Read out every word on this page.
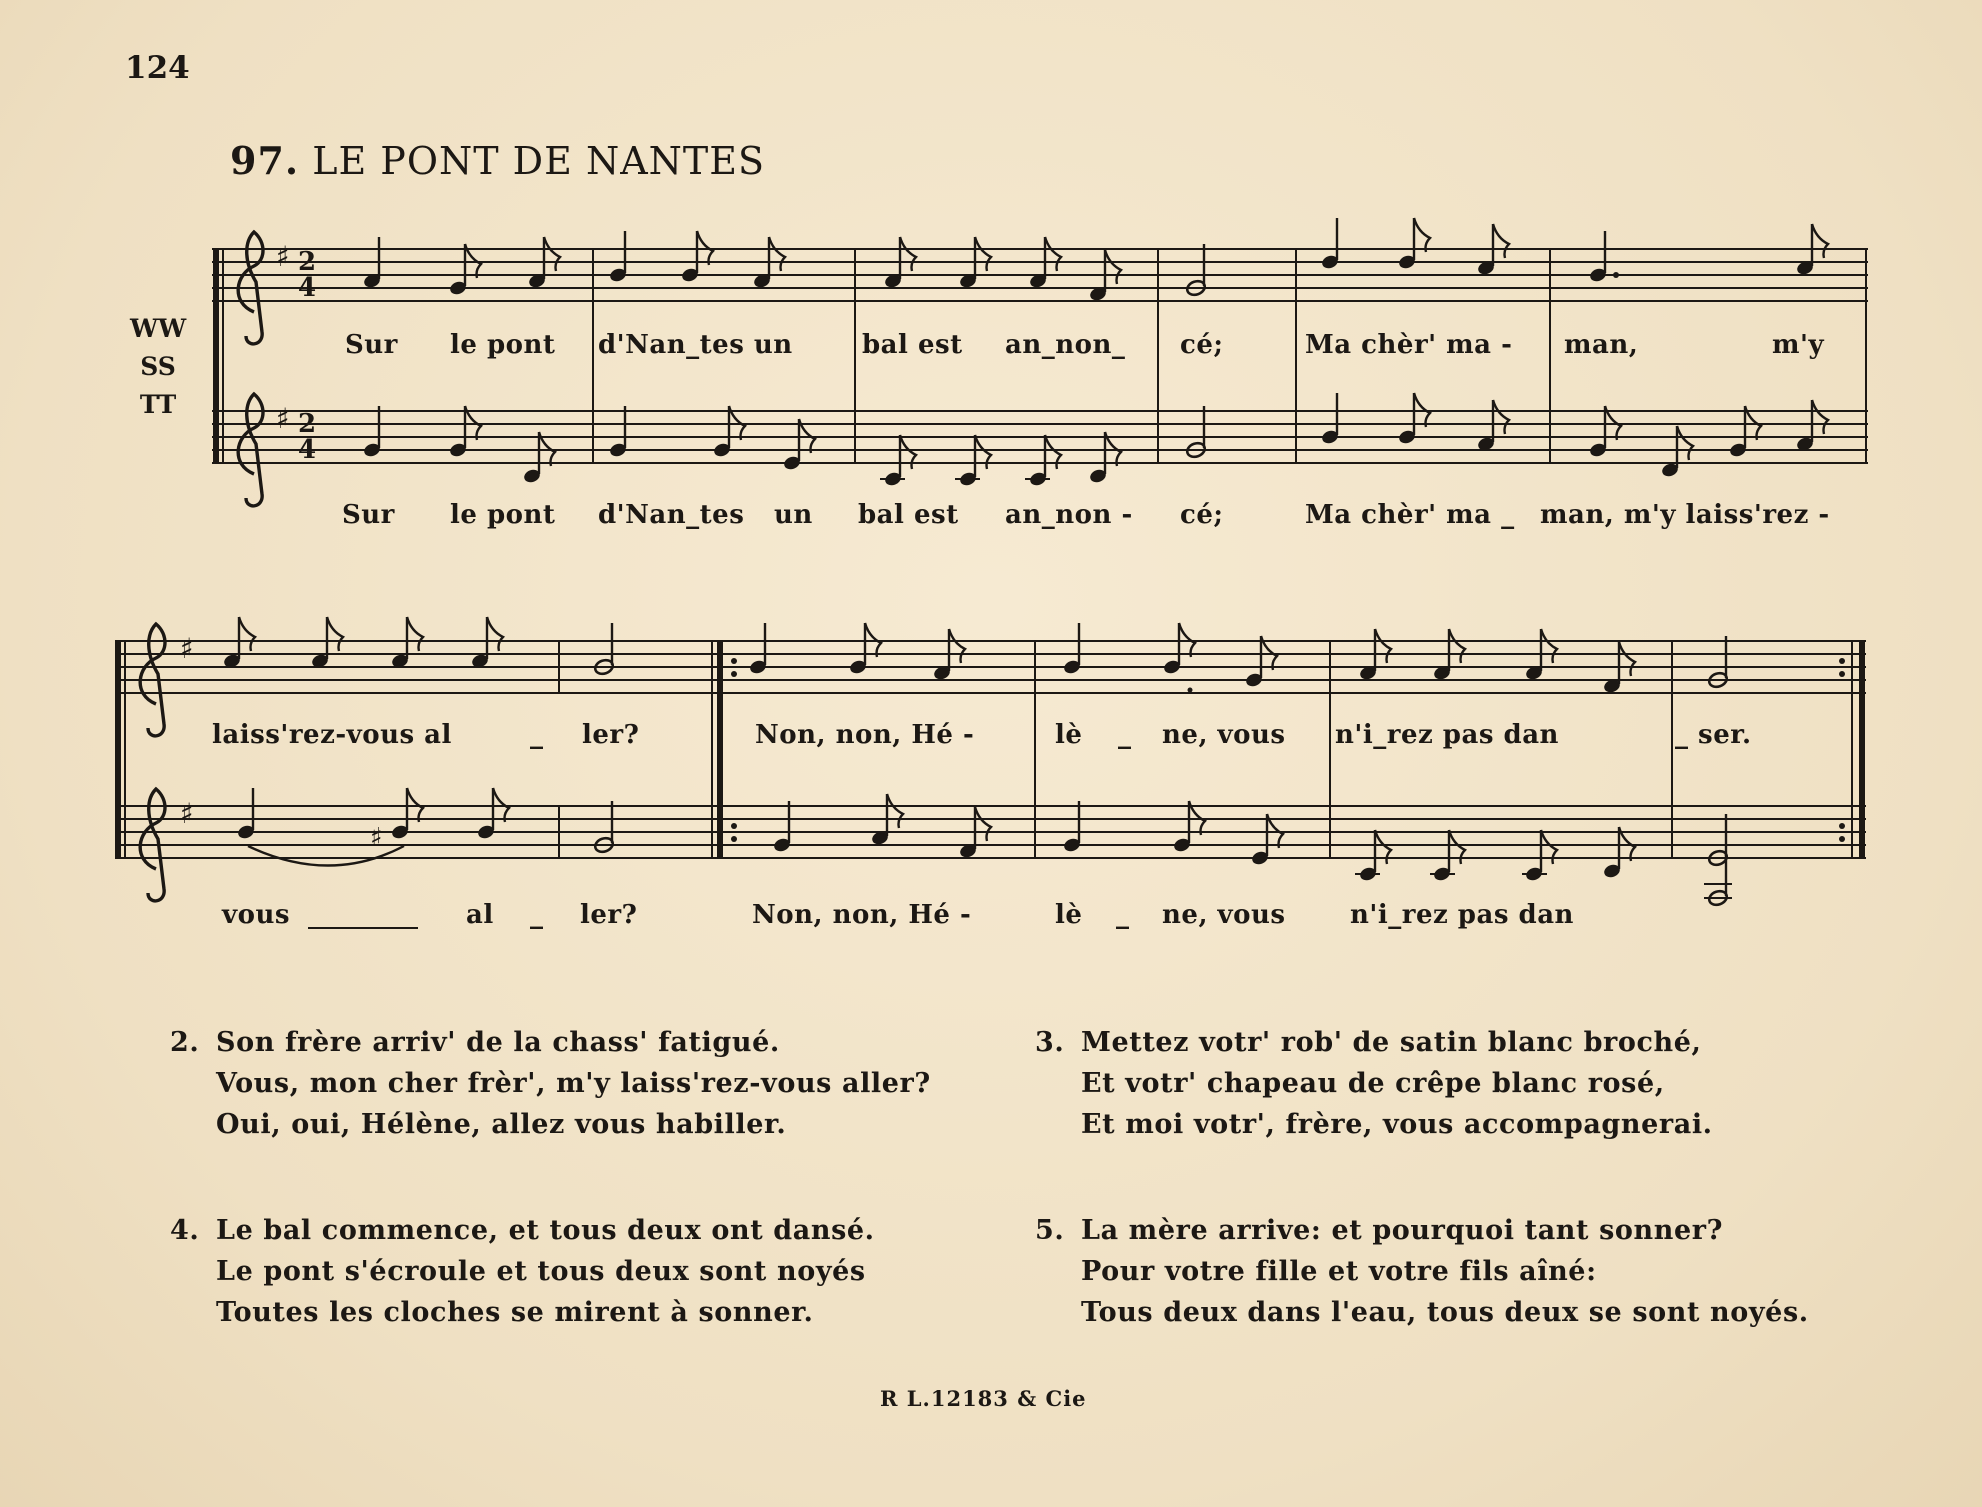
124
97. LE PONT DE NANTES
WW
SS
TT
♯
♯
2
4
2
4
♯
♯
♯
Sur le pont d'Nan_tes un	bal est an_non_ cé;	Ma chèr' ma - man,	m'y
Sur le pont d'Nan_tes un bal est an_non - cé;	Ma chèr' ma _ man, m'y laiss'rez -
laiss'rez-vous al	_ ler?	Non, non, Hé -	lè _ ne, vous n'i_rez pas dan	_ ser.
vous	al _ ler?	Non, non, Hé -	lè _ ne, vous n'i_rez pas dan
2. Son frère arriv' de la chass' fatigué.
Vous, mon cher frèr', m'y laiss'rez-vous aller?
Oui, oui, Hélène, allez vous habiller.
3. Mettez votr' rob' de satin blanc broché,
Et votr' chapeau de crêpe blanc rosé,
Et moi votr', frère, vous accompagnerai.
4. Le bal commence, et tous deux ont dansé.
Le pont s'écroule et tous deux sont noyés
Toutes les cloches se mirent à sonner.
5. La mère arrive: et pourquoi tant sonner?
Pour votre fille et votre fils aîné:
Tous deux dans l'eau, tous deux se sont noyés.
R L.12183 & Cie
